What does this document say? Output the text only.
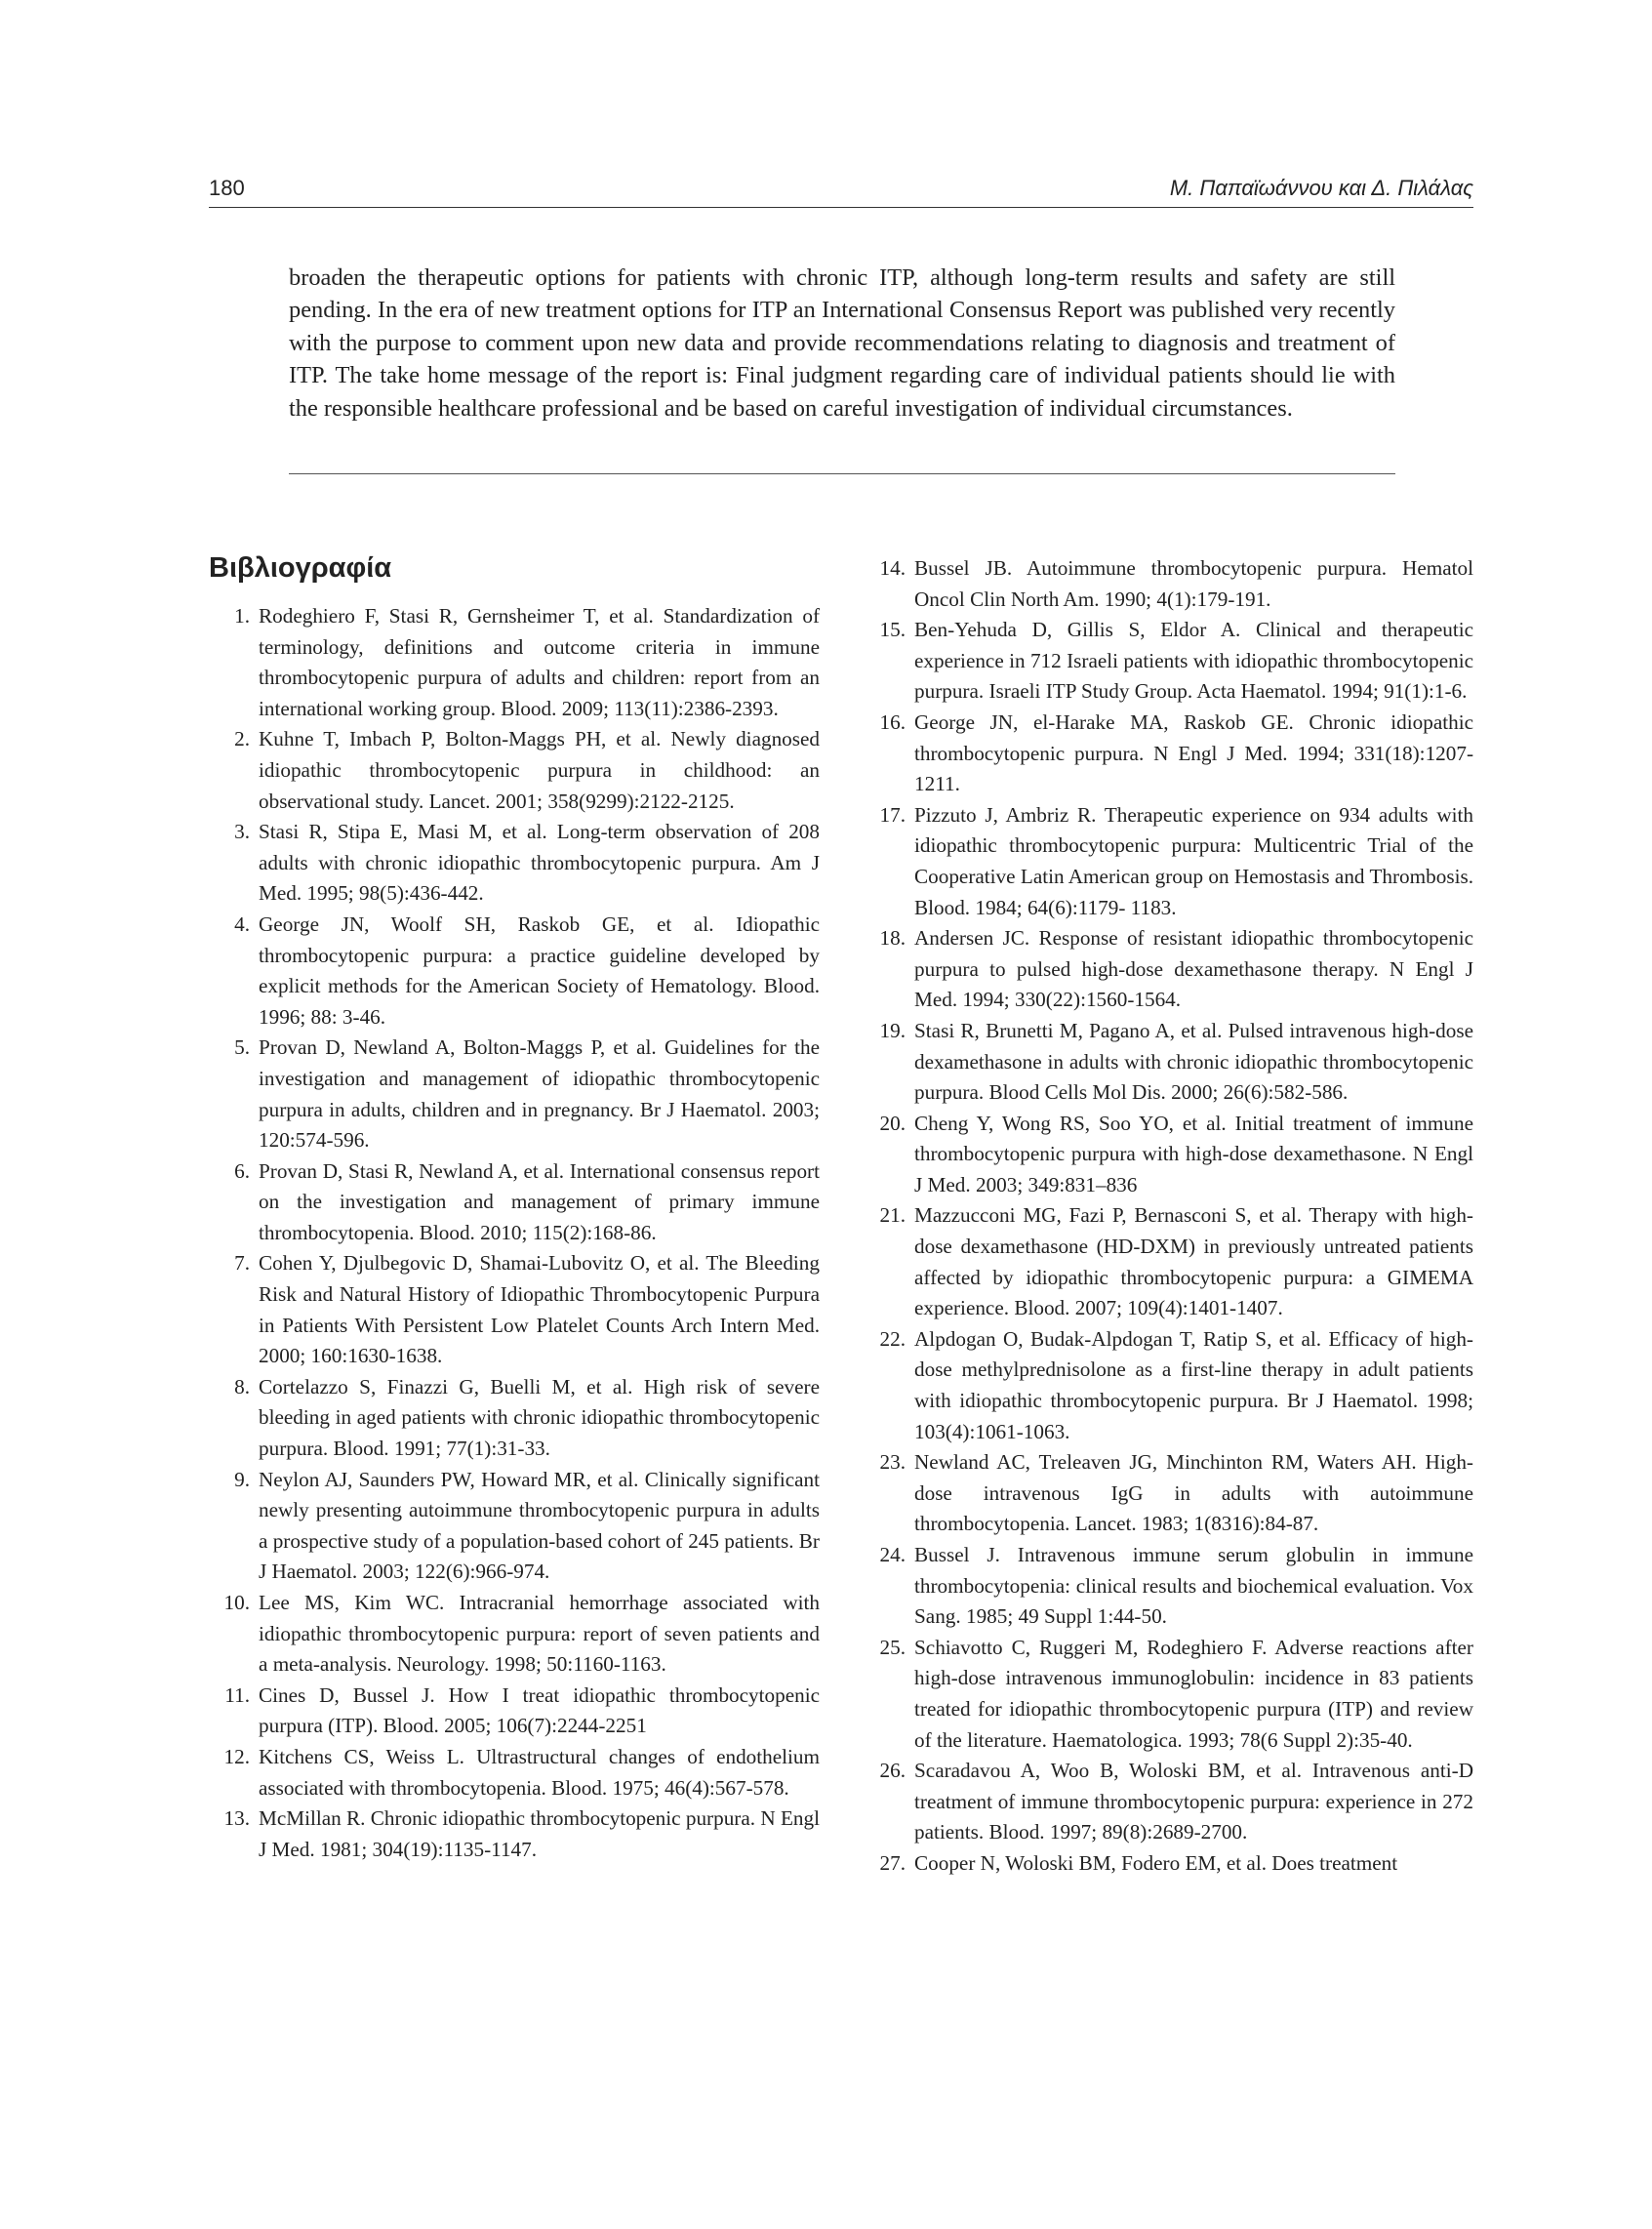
180	Μ. Παπαϊωάννου και Δ. Πιλάλας

broaden the therapeutic options for patients with chronic ITP, although long-term results and safety are still pending. In the era of new treatment options for ITP an International Consensus Report was published very recently with the purpose to comment upon new data and provide recommendations relating to diagnosis and treatment of ITP. The take home message of the report is: Final judgment regarding care of individual patients should lie with the responsible healthcare professional and be based on careful investigation of individual circumstances.

Βιβλιογραφία
1. Rodeghiero F, Stasi R, Gernsheimer T, et al. Standardization of terminology, definitions and outcome criteria in immune thrombocytopenic purpura of adults and children: report from an international working group. Blood. 2009; 113(11):2386-2393.
2. Kuhne T, Imbach P, Bolton-Maggs PH, et al. Newly diagnosed idiopathic thrombocytopenic purpura in childhood: an observational study. Lancet. 2001; 358(9299):2122-2125.
3. Stasi R, Stipa E, Masi M, et al. Long-term observation of 208 adults with chronic idiopathic thrombocytopenic purpura. Am J Med. 1995; 98(5):436-442.
4. George JN, Woolf SH, Raskob GE, et al. Idiopathic thrombocytopenic purpura: a practice guideline developed by explicit methods for the American Society of Hematology. Blood. 1996; 88: 3-46.
5. Provan D, Newland A, Bolton-Maggs P, et al. Guidelines for the investigation and management of idiopathic thrombocytopenic purpura in adults, children and in pregnancy. Br J Haematol. 2003; 120:574-596.
6. Provan D, Stasi R, Newland A, et al. International consensus report on the investigation and management of primary immune thrombocytopenia. Blood. 2010; 115(2):168-86.
7. Cohen Y, Djulbegovic D, Shamai-Lubovitz O, et al. The Bleeding Risk and Natural History of Idiopathic Thrombocytopenic Purpura in Patients With Persistent Low Platelet Counts Arch Intern Med. 2000; 160:1630-1638.
8. Cortelazzo S, Finazzi G, Buelli M, et al. High risk of severe bleeding in aged patients with chronic idiopathic thrombocytopenic purpura. Blood. 1991; 77(1):31-33.
9. Neylon AJ, Saunders PW, Howard MR, et al. Clinically significant newly presenting autoimmune thrombocytopenic purpura in adults a prospective study of a population-based cohort of 245 patients. Br J Haematol. 2003; 122(6):966-974.
10. Lee MS, Kim WC. Intracranial hemorrhage associated with idiopathic thrombocytopenic purpura: report of seven patients and a meta-analysis. Neurology. 1998; 50:1160-1163.
11. Cines D, Bussel J. How I treat idiopathic thrombocytopenic purpura (ITP). Blood. 2005; 106(7):2244-2251
12. Kitchens CS, Weiss L. Ultrastructural changes of endothelium associated with thrombocytopenia. Blood. 1975; 46(4):567-578.
13. McMillan R. Chronic idiopathic thrombocytopenic purpura. N Engl J Med. 1981; 304(19):1135-1147.
14. Bussel JB. Autoimmune thrombocytopenic purpura. Hematol Oncol Clin North Am. 1990; 4(1):179-191.
15. Ben-Yehuda D, Gillis S, Eldor A. Clinical and therapeutic experience in 712 Israeli patients with idiopathic thrombocytopenic purpura. Israeli ITP Study Group. Acta Haematol. 1994; 91(1):1-6.
16. George JN, el-Harake MA, Raskob GE. Chronic idiopathic thrombocytopenic purpura. N Engl J Med. 1994; 331(18):1207-1211.
17. Pizzuto J, Ambriz R. Therapeutic experience on 934 adults with idiopathic thrombocytopenic purpura: Multicentric Trial of the Cooperative Latin American group on Hemostasis and Thrombosis. Blood. 1984; 64(6):1179- 1183.
18. Andersen JC. Response of resistant idiopathic thrombocytopenic purpura to pulsed high-dose dexamethasone therapy. N Engl J Med. 1994; 330(22):1560-1564.
19. Stasi R, Brunetti M, Pagano A, et al. Pulsed intravenous high-dose dexamethasone in adults with chronic idiopathic thrombocytopenic purpura. Blood Cells Mol Dis. 2000; 26(6):582-586.
20. Cheng Y, Wong RS, Soo YO, et al. Initial treatment of immune thrombocytopenic purpura with high-dose dexamethasone. N Engl J Med. 2003; 349:831–836
21. Mazzucconi MG, Fazi P, Bernasconi S, et al. Therapy with high-dose dexamethasone (HD-DXM) in previously untreated patients affected by idiopathic thrombocytopenic purpura: a GIMEMA experience. Blood. 2007; 109(4):1401-1407.
22. Alpdogan O, Budak-Alpdogan T, Ratip S, et al. Efficacy of high-dose methylprednisolone as a first-line therapy in adult patients with idiopathic thrombocytopenic purpura. Br J Haematol. 1998; 103(4):1061-1063.
23. Newland AC, Treleaven JG, Minchinton RM, Waters AH. High-dose intravenous IgG in adults with autoimmune thrombocytopenia. Lancet. 1983; 1(8316):84-87.
24. Bussel J. Intravenous immune serum globulin in immune thrombocytopenia: clinical results and biochemical evaluation. Vox Sang. 1985; 49 Suppl 1:44-50.
25. Schiavotto C, Ruggeri M, Rodeghiero F. Adverse reactions after high-dose intravenous immunoglobulin: incidence in 83 patients treated for idiopathic thrombocytopenic purpura (ITP) and review of the literature. Haematologica. 1993; 78(6 Suppl 2):35-40.
26. Scaradavou A, Woo B, Woloski BM, et al. Intravenous anti-D treatment of immune thrombocytopenic purpura: experience in 272 patients. Blood. 1997; 89(8):2689-2700.
27. Cooper N, Woloski BM, Fodero EM, et al. Does treatment
